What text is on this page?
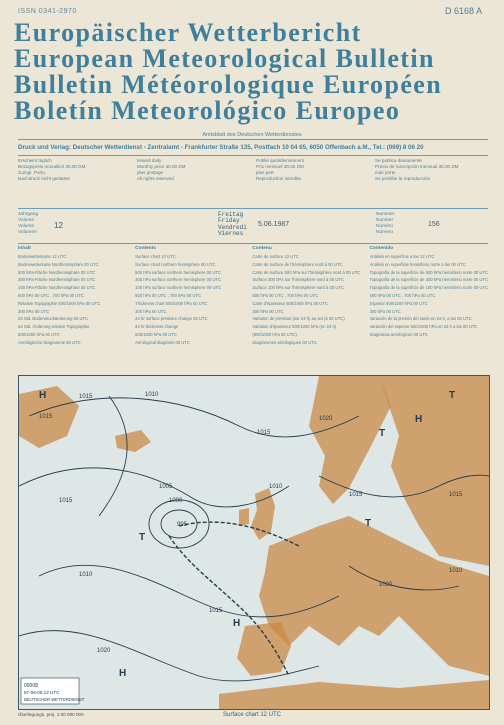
ISSN 0341-2970	D 6168 A
Europäischer Wetterbericht
European Meteorological Bulletin
Bulletin Météorologique Européen
Boletín Meteorológico Europeo
Amtsblatt des Deutschen Wetterdienstes
Druck und Verlag: Deutscher Wetterdienst - Zentralamt - Frankfurter Straße 135, Postfach 10 04 65, 6050 Offenbach a.M., Tel.: (069) 8 06 20
Erscheint täglich
Bezugspreis monatlich 30,00 DM
zuzügl. Porto
Nachdruck nicht gestattet
Issued daily
Monthly price 30,00 DM
plus postage
All rights reserved
Publié quotidiennement
Prix mensuel 30,00 DM
plus port
Reproduction interdite
Se publica diariamente
Precio de suscripción mensual 30,00 DM
más porte
Se prohíbe la reproducción
Jahrgang
Volume
Volume
Volumen
12
Freitag
Friday
Vendredi
Viernes
5.06.1987
Nummer
Number
Numéro
Número
156
Inhalt
Bodenwetterkarte 12 UTC
Bodenwetterkarte Nordhemisphäre 00 UTC
500 hPa-Fläche Nordhemisphäre 00 UTC
300 hPa-Fläche Nordhemisphäre 00 UTC
100 hPa-Fläche Nordhemisphäre 00 UTC
500 hPa 00 UTC , 700 hPa 00 UTC
Relative Topographie 500/1000 hPa 00 UTC
300 hPa 00 UTC
24 Std. Bodendruckänderung 00 UTC
24 Std. Änderung relative Topographie
500/1000 hPa 00 UTC
Aerologische Diagramme 00 UTC
Contents
Surface chart 12 UTC
Surface chart northern hemisphere 00 UTC
500 hPa surface northern hemisphere 00 UTC
300 hPa surface northern hemisphere 00 UTC
100 hPa surface northern hemisphere 00 UTC
500 hPa 00 UTC , 700 hPa 00 UTC
Thickness chart 500/1000 hPa 00 UTC
300 hPa 00 UTC
24 hr surface pressure change 00 UTC
24 hr thickness change
500/1000 hPa 00 UTC
Aerological diagrams 00 UTC
Contenu
Carte de surface 12 UTC
Carte de surface de l'hémisphère nord à 00 UTC
Carte de surface 500 hPa sur l'hémisphère nord à 00 UTC
Surface 300 hPa sur l'hémisphère nord à 00 UTC
Surface 100 hPa sur l'hémisphère nord à 00 UTC
500 hPa 00 UTC , 700 hPa 00 UTC
Carte d'épaisseur 500/1000 hPa 00 UTC
300 hPa 00 UTC
Variation de pression (sur 24 h) au sol (à 00 UTC)
Variation d'épaisseur 500/1000 hPa (en 24 h)
(500/1000 hPa 00 UTC)
Diagrammes aérologiques 00 UTC
Contenido
Análisis en superficie a las 12 UTC
Análisis en superficie hemisferio norte a las 00 UTC
Topografía de la superficie de 500 hPa hemisferio norte 00 UTC
Topografía de la superficie de 300 hPa hemisferio norte 00 UTC
Topografía de la superficie de 100 hPa hemisferio norte 00 UTC
500 hPa 00 UTC , 700 hPa 00 UTC
Espesor 500/1000 hPa 00 UTC
300 hPa 00 UTC
Variación de la presión del suelo en 24 h, a las 00 UTC
Variación del espesor 500/1000 hPa en 24 h a las 00 UTC
Diagramas aerológicos 00 UTC
1015
1015
1010
1015
1020
1005
1000
995
1015
1010
1020
1015
1010
1015
1020
1010
1015
H
H
H
T
T
T
H
T
00008
87-06-05 12 UTC
DEUTSCHER WETTERDIENST
Überlegungs. proj. 1:30 000 000	Surface chart 12 UTC
